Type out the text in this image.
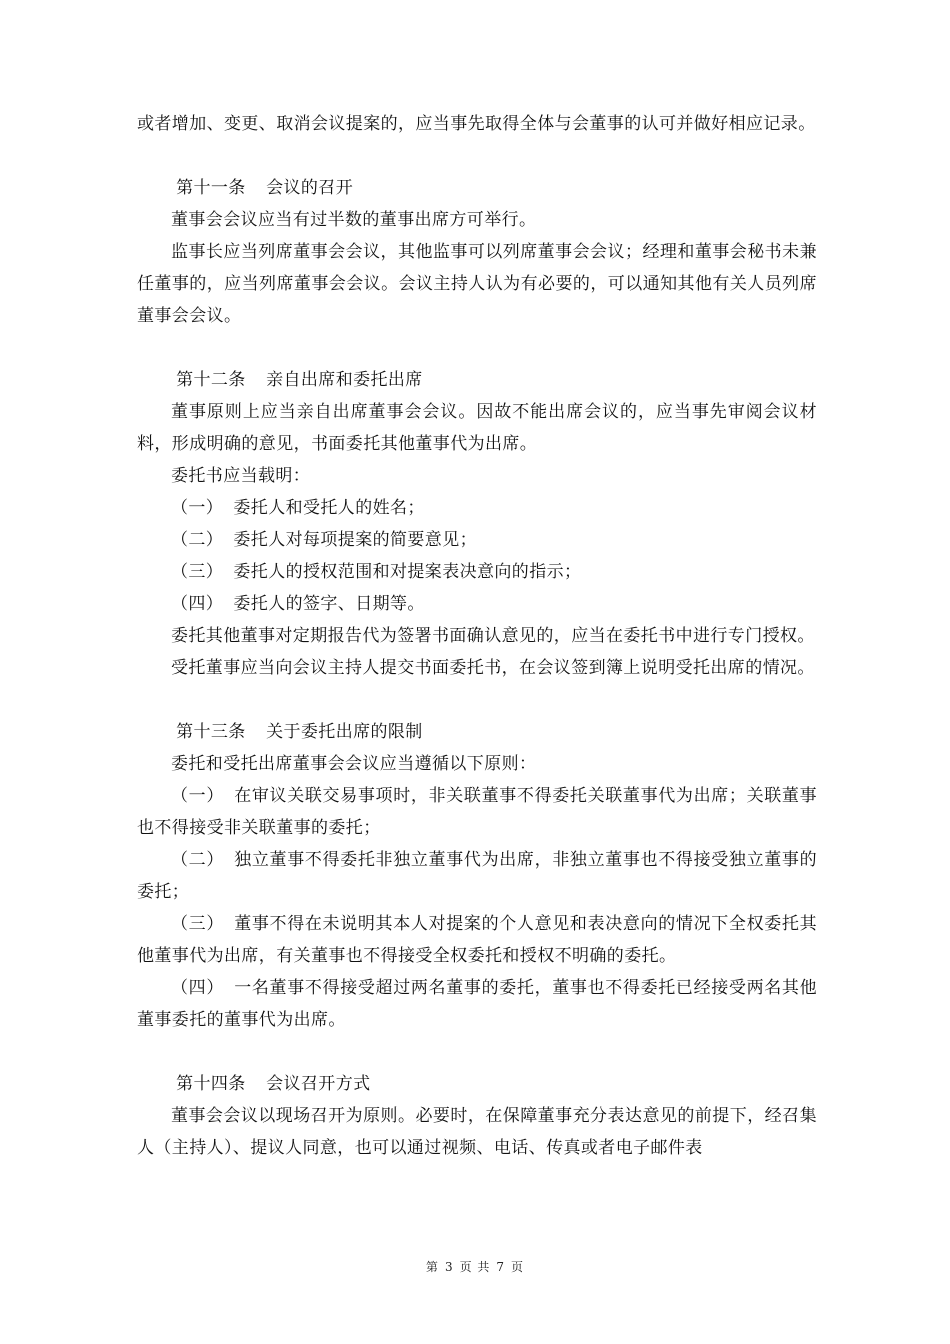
或者增加、变更、取消会议提案的，应当事先取得全体与会董事的认可并做好相应记录。

第十一条 会议的召开

董事会会议应当有过半数的董事出席方可举行。

监事长应当列席董事会会议，其他监事可以列席董事会会议；经理和董事会秘书未兼任董事的，应当列席董事会会议。会议主持人认为有必要的，可以通知其他有关人员列席董事会会议。

第十二条 亲自出席和委托出席

董事原则上应当亲自出席董事会会议。因故不能出席会议的，应当事先审阅会议材料，形成明确的意见，书面委托其他董事代为出席。

委托书应当载明：

（一） 委托人和受托人的姓名；

（二） 委托人对每项提案的简要意见；

（三） 委托人的授权范围和对提案表决意向的指示；

（四） 委托人的签字、日期等。

委托其他董事对定期报告代为签署书面确认意见的，应当在委托书中进行专门授权。

受托董事应当向会议主持人提交书面委托书，在会议签到簿上说明受托出席的情况。

第十三条 关于委托出席的限制

委托和受托出席董事会会议应当遵循以下原则：

（一） 在审议关联交易事项时，非关联董事不得委托关联董事代为出席；关联董事也不得接受非关联董事的委托；

（二） 独立董事不得委托非独立董事代为出席，非独立董事也不得接受独立董事的委托；

（三） 董事不得在未说明其本人对提案的个人意见和表决意向的情况下全权委托其他董事代为出席，有关董事也不得接受全权委托和授权不明确的委托。

（四） 一名董事不得接受超过两名董事的委托，董事也不得委托已经接受两名其他董事委托的董事代为出席。

第十四条 会议召开方式

董事会会议以现场召开为原则。必要时，在保障董事充分表达意见的前提下，经召集人（主持人）、提议人同意，也可以通过视频、电话、传真或者电子邮件表

第 3 页 共 7 页
